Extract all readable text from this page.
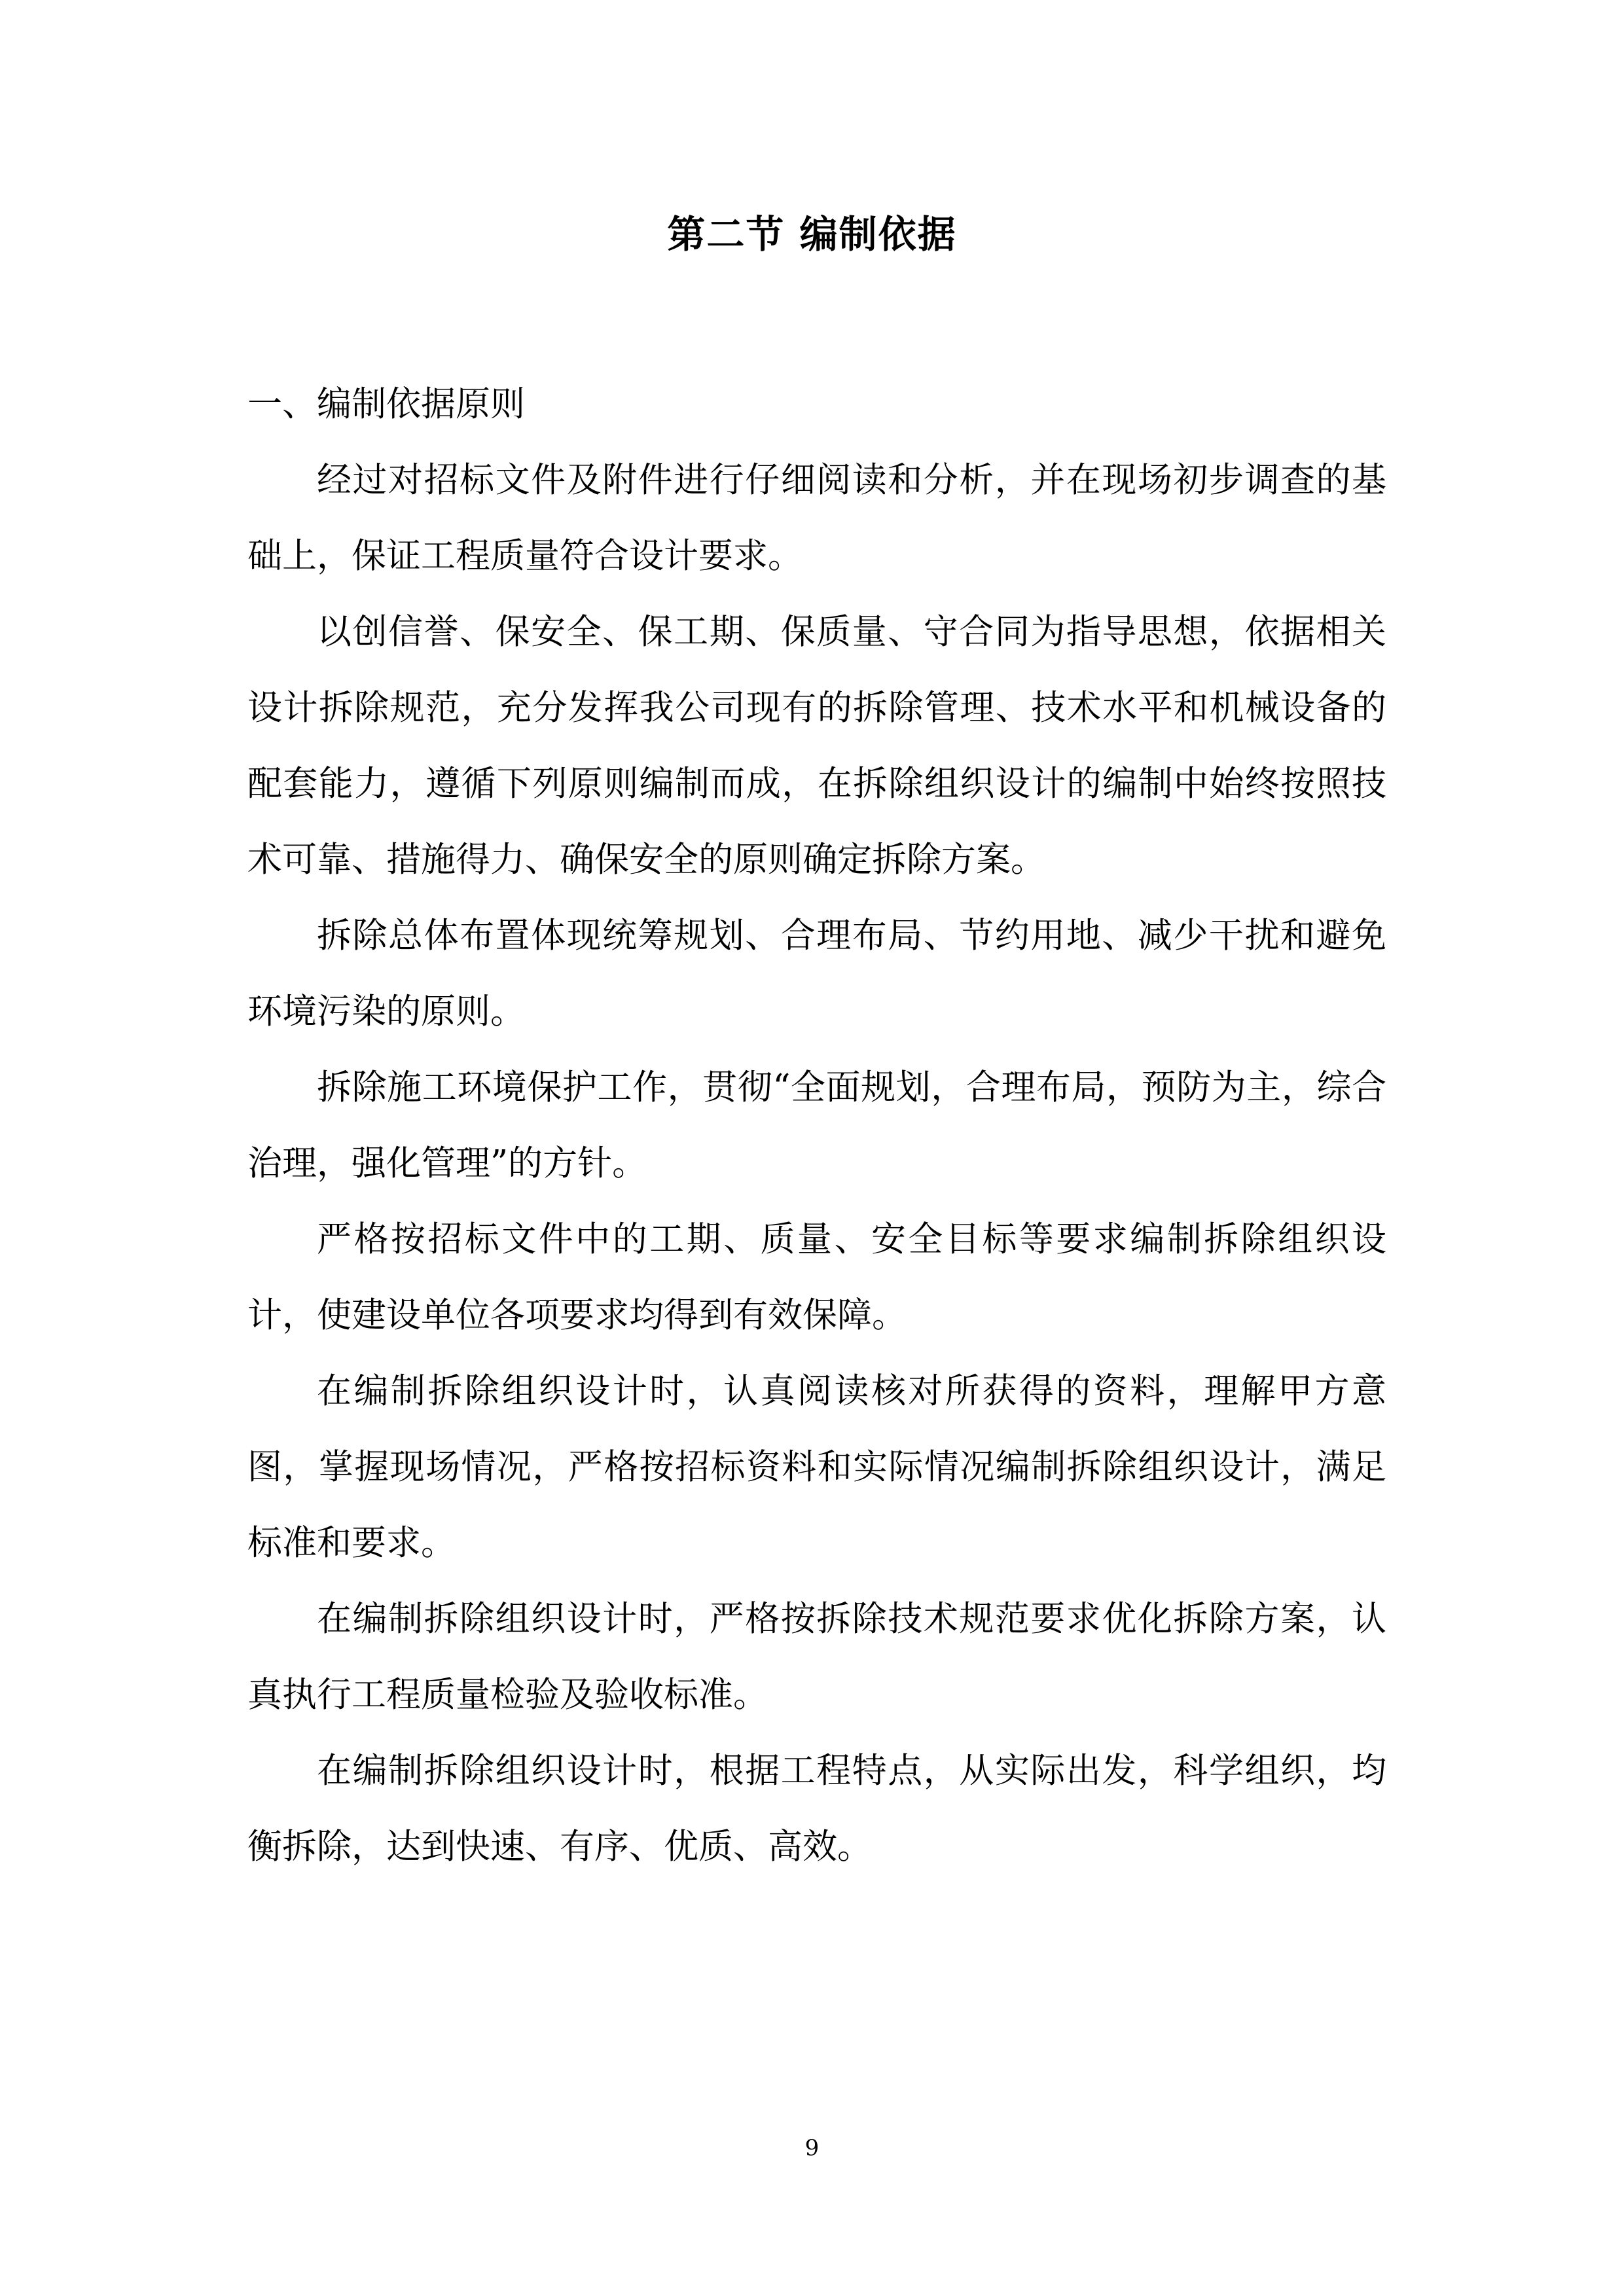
第二节 编制依据

一、编制依据原则

经过对招标文件及附件进行仔细阅读和分析，并在现场初步调查的基础上，保证工程质量符合设计要求。

以创信誉、保安全、保工期、保质量、守合同为指导思想，依据相关设计拆除规范，充分发挥我公司现有的拆除管理、技术水平和机械设备的配套能力，遵循下列原则编制而成，在拆除组织设计的编制中始终按照技术可靠、措施得力、确保安全的原则确定拆除方案。

拆除总体布置体现统筹规划、合理布局、节约用地、减少干扰和避免环境污染的原则。

拆除施工环境保护工作，贯彻“全面规划，合理布局，预防为主，综合治理，强化管理”的方针。

严格按招标文件中的工期、质量、安全目标等要求编制拆除组织设计，使建设单位各项要求均得到有效保障。

在编制拆除组织设计时，认真阅读核对所获得的资料，理解甲方意图，掌握现场情况，严格按招标资料和实际情况编制拆除组织设计，满足标准和要求。

在编制拆除组织设计时，严格按拆除技术规范要求优化拆除方案，认真执行工程质量检验及验收标准。

在编制拆除组织设计时，根据工程特点，从实际出发，科学组织，均衡拆除，达到快速、有序、优质、高效。

9
